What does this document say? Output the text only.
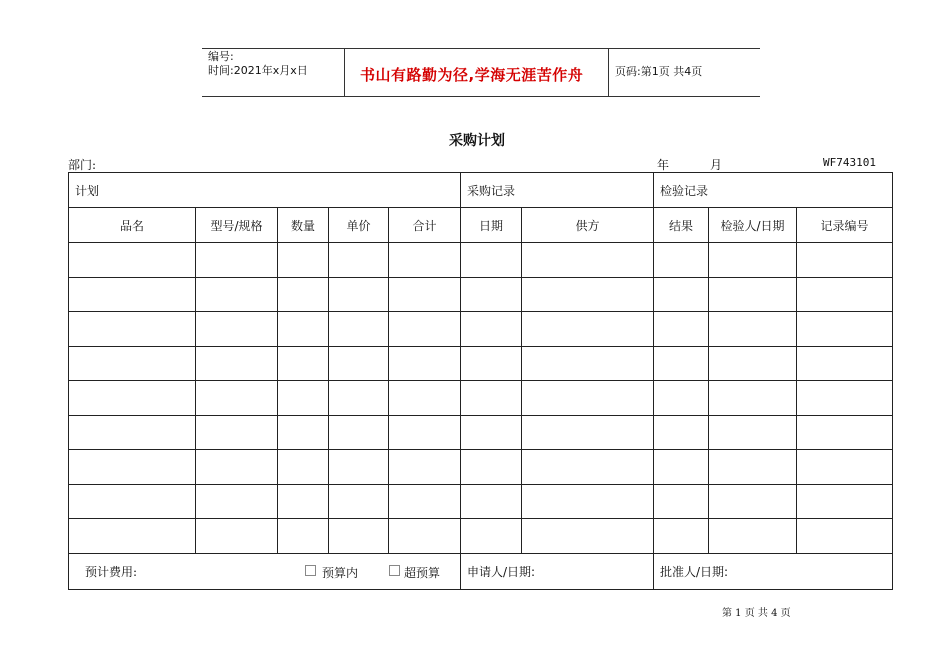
编号:
时间:2021年x月x日	书山有路勤为径,学海无涯苦作舟	页码:第1页 共4页
采购计划
部门:	年	月	WF743101
计划					采购记录		检验记录		
品名	型号/规格	数量	单价	合计	日期	供方	结果	检验人/日期	记录编号

预计费用: 预算内 超预算					申请人/日期:		批准人/日期:		
第 1 页 共 4 页
